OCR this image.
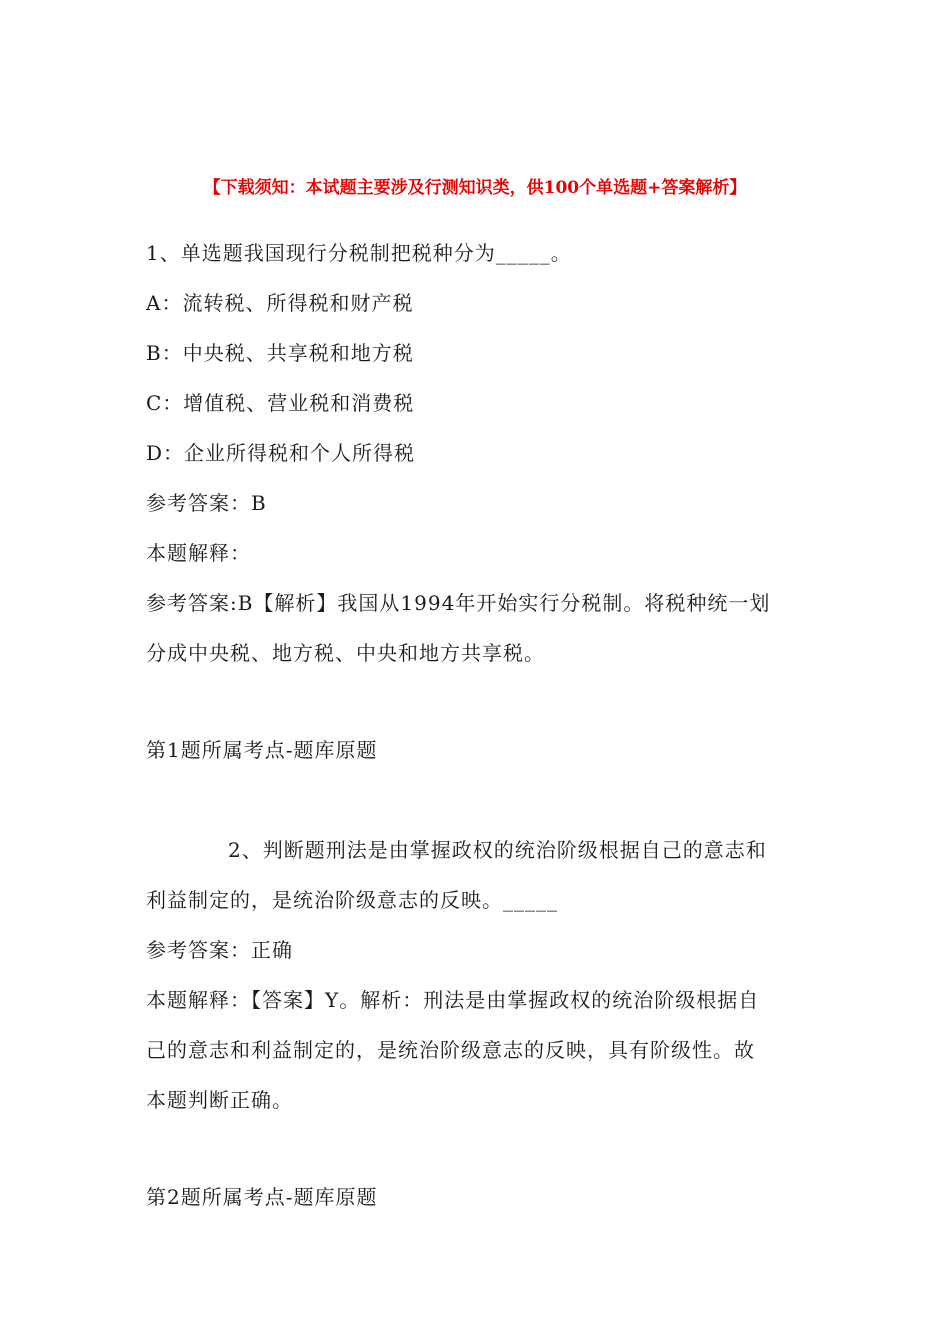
【下载须知：本试题主要涉及行测知识类，供100个单选题+答案解析】
1、单选题我国现行分税制把税种分为_____。
A：流转税、所得税和财产税
B：中央税、共享税和地方税
C：增值税、营业税和消费税
D：企业所得税和个人所得税
参考答案：B
本题解释：
参考答案:B【解析】我国从1994年开始实行分税制。将税种统一划
分成中央税、地方税、中央和地方共享税。
第1题所属考点-题库原题
2、判断题刑法是由掌握政权的统治阶级根据自己的意志和
利益制定的，是统治阶级意志的反映。_____
参考答案：正确
本题解释：【答案】Y。解析：刑法是由掌握政权的统治阶级根据自
己的意志和利益制定的，是统治阶级意志的反映，具有阶级性。故
本题判断正确。
第2题所属考点-题库原题
